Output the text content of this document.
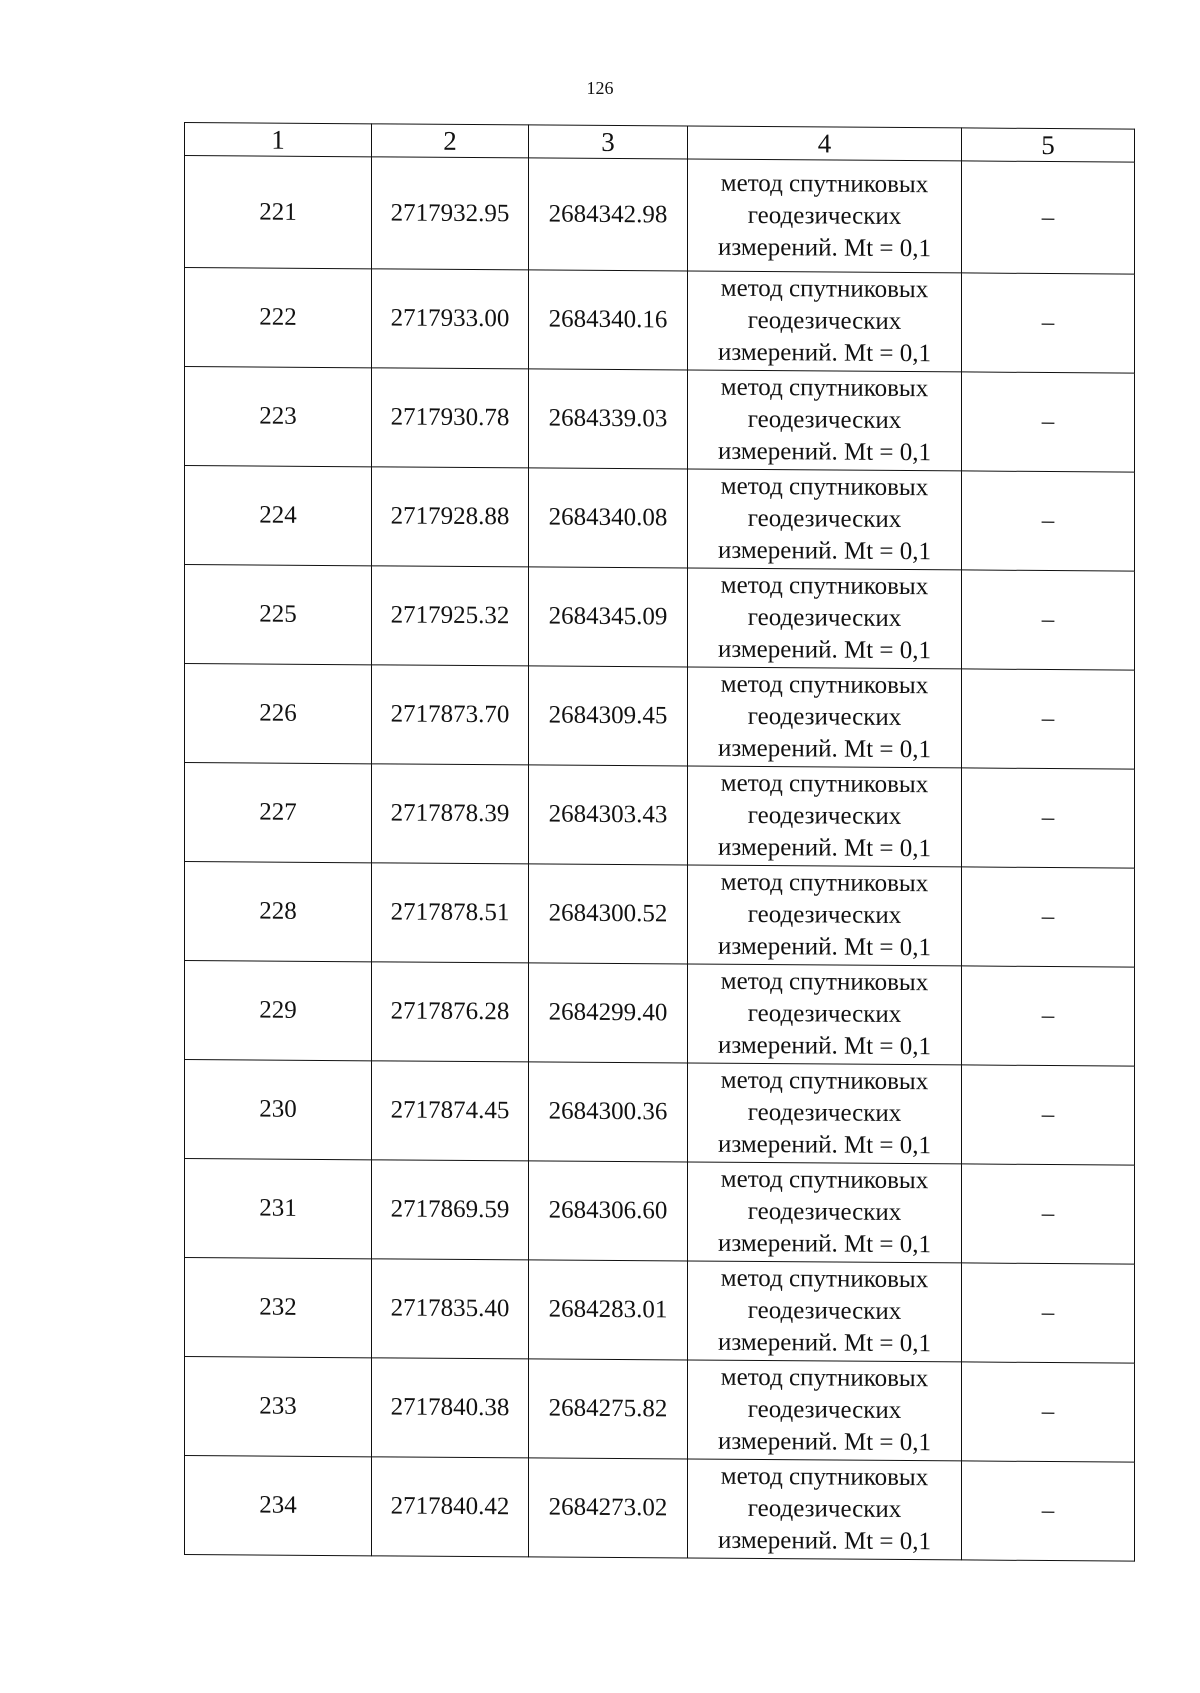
126
1	2	3	4	5
221	2717932.95	2684342.98	метод спутниковых
геодезических
измерений. Mt = 0,1	–
222	2717933.00	2684340.16	метод спутниковых
геодезических
измерений. Mt = 0,1	–
223	2717930.78	2684339.03	метод спутниковых
геодезических
измерений. Mt = 0,1	–
224	2717928.88	2684340.08	метод спутниковых
геодезических
измерений. Mt = 0,1	–
225	2717925.32	2684345.09	метод спутниковых
геодезических
измерений. Mt = 0,1	–
226	2717873.70	2684309.45	метод спутниковых
геодезических
измерений. Mt = 0,1	–
227	2717878.39	2684303.43	метод спутниковых
геодезических
измерений. Mt = 0,1	–
228	2717878.51	2684300.52	метод спутниковых
геодезических
измерений. Mt = 0,1	–
229	2717876.28	2684299.40	метод спутниковых
геодезических
измерений. Mt = 0,1	–
230	2717874.45	2684300.36	метод спутниковых
геодезических
измерений. Mt = 0,1	–
231	2717869.59	2684306.60	метод спутниковых
геодезических
измерений. Mt = 0,1	–
232	2717835.40	2684283.01	метод спутниковых
геодезических
измерений. Mt = 0,1	–
233	2717840.38	2684275.82	метод спутниковых
геодезических
измерений. Mt = 0,1	–
234	2717840.42	2684273.02	метод спутниковых
геодезических
измерений. Mt = 0,1	–
